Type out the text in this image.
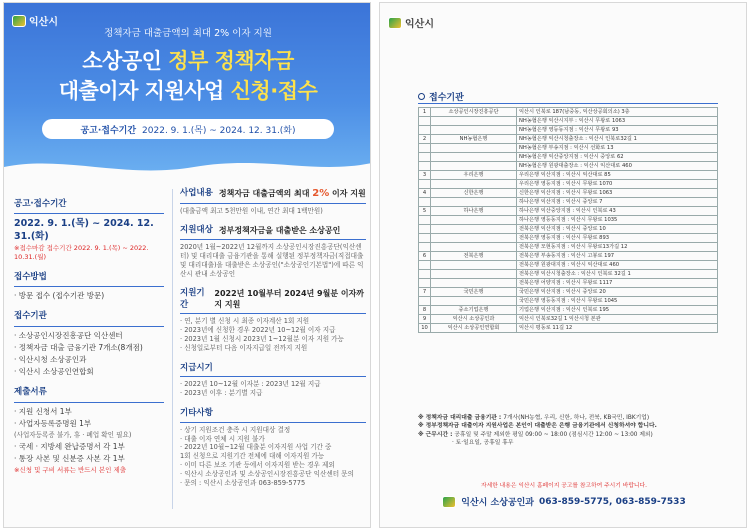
익산시
정책자금 대출금액의 최대 2% 이자 지원
소상공인 정부 정책자금
대출이자 지원사업 신청·접수
공고·접수기간 2022. 9. 1.(목) ~ 2024. 12. 31.(화)
공고·접수기간
2022. 9. 1.(목) ~ 2024. 12. 31.(화)
※접수마감 접수기간 2022. 9. 1.(목) ~ 2022. 10.31.(월)
접수방법
· 방문 접수 (접수기관 방문)
접수기관
· 소상공인시장진흥공단 익산센터
· 정책자금 대출 금융기관 7개소(8개점)
· 익산시청 소상공인과
· 익산시 소상공인연합회
제출서류
· 지원 신청서 1부
· 사업자등록증명원 1부
(사업자등록증 불가, 휴 · 폐업 확인 필요)
· 국세 · 지방세 완납증명서 각 1부
· 통장 사본 및 신분증 사본 각 1부
※신청 및 구비 서류는 반드시 본인 제출
사업내용 정책자금 대출금액의 최대 2% 이자 지원
(대출금액 최고 5천만원 이내, 연간 최대 1백만원)
지원대상 정부정책자금을 대출받은 소상공인
2020년 1월~2022년 12월까지 소상공인시장진흥공단(익산센터) 및 대리대출 금융기관을 통해 실행된 정부정책자금(직접대출 및 대리대출)을 대출받은 소상공인("소상공인기본법")에 따른 익산시 관내 소상공인
지원기간
2022년 10월부터 2024년 9월분 이자까지 지원
· 연, 분기 별 신청 시 최종 이자계산 1회 지원
· 2023년에 신청한 경우 2022년 10~12월 이자 지급
· 2023년 1월 신청시 2023년 1~12월분 이자 지원 가능
· 신청일로부터 다음 이자지급일 전까지 지원
지급시기
· 2022년 10~12월 이자분 : 2023년 12월 지급
· 2023년 이후 : 분기별 지급
기타사항
· 상기 지원조건 충족 시 지원대상 결정
· 대출 이자 연체 시 지원 불가
· 2022년 10월~12월 대출분 이자지원 사업 기간 중
1회 신청으로 지원기간 전체에 대해 이자지원 가능
· 이미 다른 보조 기관 등에서 이자지원 받는 경우 제외
· 익산시 소상공인과 및 소상공인시장진흥공단 익산센터 문의
· 문의 : 익산시 소상공인과 063-859-5775
익산시
접수기관
1	소상공인시장진흥공단	익산시 인북로 187(남중동, 익산상공회의소) 3층
		NH농협은행 익산시지부 : 익산시 무왕로 1063
		NH농협은행 영등동지점 : 익산시 무왕로 93
2	NH농협은행	NH농협은행 익산시청출장소 : 익산시 인북로32길 1
		NH농협은행 부송지점 : 익산시 선화로 13
		NH농협은행 익산중앙지점 : 익산시 중앙로 62
		NH농협은행 원광대출장소 : 익산시 익산대로 460
3	우리은행	우리은행 익산지점 : 익산시 익산대로 85
		우리은행 영등지점 : 익산시 무왕로 1070
4	신한은행	신한은행 익산지점 : 익산시 무왕로 1063
		하나은행 익산지점 : 익산시 중앙로 7
5	하나은행	하나은행 익산중앙지점 : 익산시 인북로 43
		하나은행 영등동지점 : 익산시 무왕로 1035
		전북은행 익산지점 : 익산시 중앙로 10
		전북은행 영등지점 : 익산시 무왕로 893
		전북은행 모현동지점 : 익산시 무왕로13가길 12
6	전북은행	전북은행 부송동지점 : 익산시 고봉로 197
		전북은행 원광대지점 : 익산시 익산대로 460
		전북은행 익산시청출장소 : 익산시 인북로 32길 1
		전북은행 어양지점 : 익산시 무왕로 1117
7	국민은행	국민은행 익산지점 : 익산시 중앙로 20
		국민은행 영등동지점 : 익산시 무왕로 1045
8	중소기업은행	기업은행 익산지점 : 익산시 인북로 195
9	익산시 소상공인과	익산시 인북로32길 1 익산시청 본관
10	익산시 소상공인연합회	익산시 평동로 11길 12
※ 정책자금 대리대출 금융기관 : 7개사(NH농협, 우리, 신한, 하나, 전북, KB국민, IBK기업)
※ 정부정책자금 대출이자 지원사업은 본인이 대출받은 은행 금융기관에서 신청하셔야 합니다.
※ 근무시간 : 공휴일 및 주말 제외한 평일 09:00 ~ 18:00 (점심시간 12:00 ~ 13:00 제외)
· 토·일요일, 공휴일 휴무
자세한 내용은 익산시 홈페이지 공고를 참고하여 주시기 바랍니다.
익산시 소상공인과 063-859-5775, 063-859-7533
